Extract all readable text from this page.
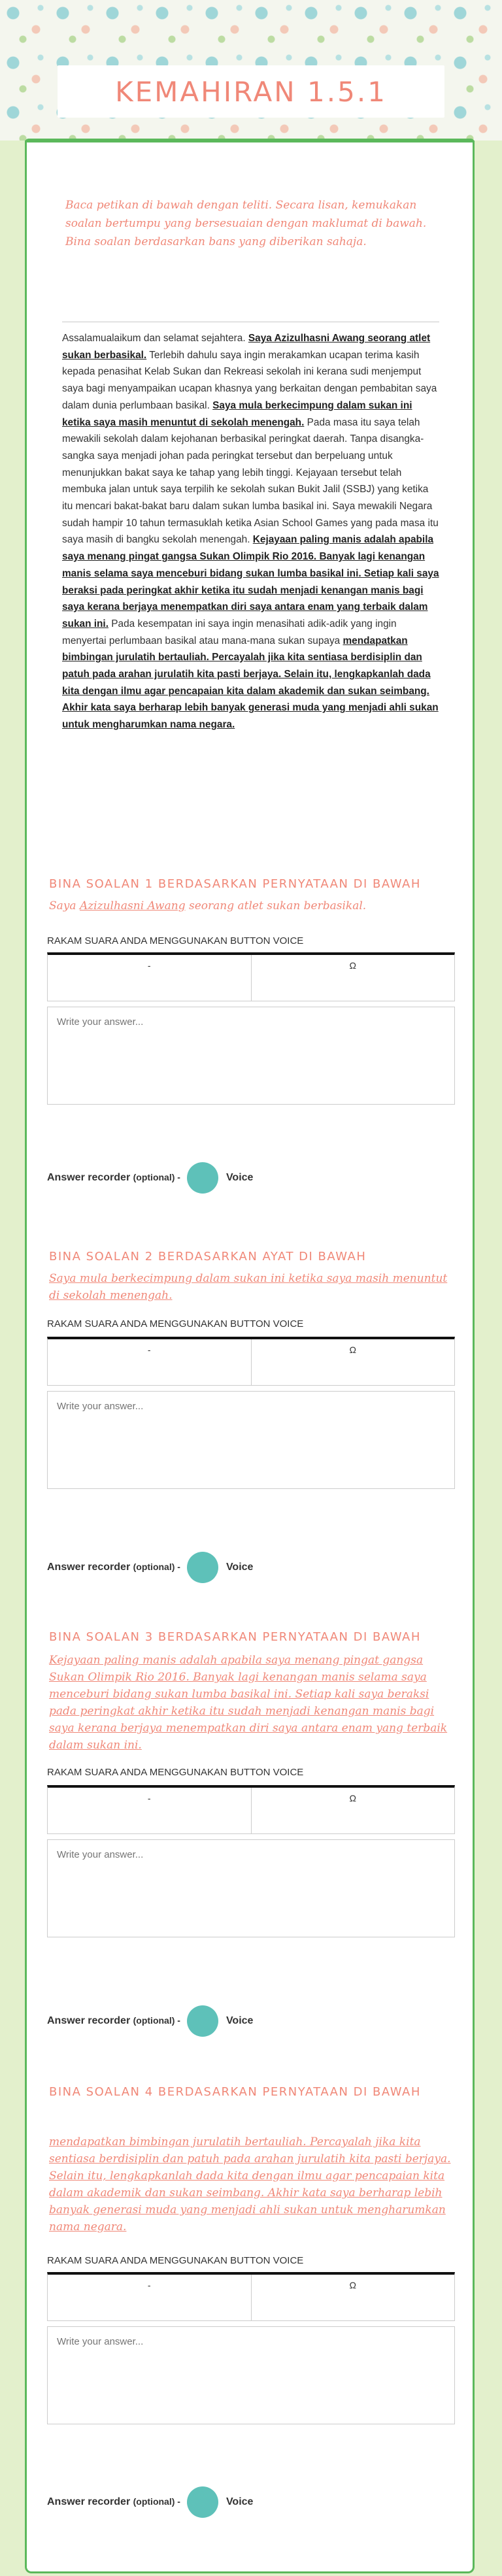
KEMAHIRAN 1.5.1
Baca petikan di bawah dengan teliti. Secara lisan, kemukakan soalan bertumpu yang bersesuaian dengan maklumat di bawah. Bina soalan berdasarkan bans yang diberikan sahaja.
Assalamualaikum dan selamat sejahtera. Saya Azizulhasni Awang seorang atlet sukan berbasikal. Terlebih dahulu saya ingin merakamkan ucapan terima kasih kepada penasihat Kelab Sukan dan Rekreasi sekolah ini kerana sudi menjemput saya bagi menyampaikan ucapan khasnya yang berkaitan dengan pembabitan saya dalam dunia perlumbaan basikal. Saya mula berkecimpung dalam sukan ini ketika saya masih menuntut di sekolah menengah. Pada masa itu saya telah mewakili sekolah dalam kejohanan berbasikal peringkat daerah. Tanpa disangka-sangka saya menjadi johan pada peringkat tersebut dan berpeluang untuk menunjukkan bakat saya ke tahap yang lebih tinggi. Kejayaan tersebut telah membuka jalan untuk saya terpilih ke sekolah sukan Bukit Jalil (SSBJ) yang ketika itu mencari bakat-bakat baru dalam sukan lumba basikal ini. Saya mewakili Negara sudah hampir 10 tahun termasuklah ketika Asian School Games yang pada masa itu saya masih di bangku sekolah menengah. Kejayaan paling manis adalah apabila saya menang pingat gangsa Sukan Olimpik Rio 2016. Banyak lagi kenangan manis selama saya menceburi bidang sukan lumba basikal ini. Setiap kali saya beraksi pada peringkat akhir ketika itu sudah menjadi kenangan manis bagi saya kerana berjaya menempatkan diri saya antara enam yang terbaik dalam sukan ini. Pada kesempatan ini saya ingin menasihati adik-adik yang ingin menyertai perlumbaan basikal atau mana-mana sukan supaya mendapatkan bimbingan jurulatih bertauliah. Percayalah jika kita sentiasa berdisiplin dan patuh pada arahan jurulatih kita pasti berjaya. Selain itu, lengkapkanlah dada kita dengan ilmu agar pencapaian kita dalam akademik dan sukan seimbang. Akhir kata saya berharap lebih banyak generasi muda yang menjadi ahli sukan untuk mengharumkan nama negara.
BINA SOALAN 1 BERDASARKAN PERNYATAAN DI BAWAH
Saya Azizulhasni Awang seorang atlet sukan berbasikal.
RAKAM SUARA ANDA MENGGUNAKAN BUTTON VOICE
-	Ω
Write your answer...
Answer recorder (optional) -	Voice
BINA SOALAN 2 BERDASARKAN AYAT DI BAWAH
Saya mula berkecimpung dalam sukan ini ketika saya masih menuntut di sekolah menengah.
RAKAM SUARA ANDA MENGGUNAKAN BUTTON VOICE
-	Ω
Write your answer...
Answer recorder (optional) -	Voice
BINA SOALAN 3 BERDASARKAN PERNYATAAN DI BAWAH
Kejayaan paling manis adalah apabila saya menang pingat gangsa Sukan Olimpik Rio 2016. Banyak lagi kenangan manis selama saya menceburi bidang sukan lumba basikal ini. Setiap kali saya beraksi pada peringkat akhir ketika itu sudah menjadi kenangan manis bagi saya kerana berjaya menempatkan diri saya antara enam yang terbaik dalam sukan ini.
RAKAM SUARA ANDA MENGGUNAKAN BUTTON VOICE
-	Ω
Write your answer...
Answer recorder (optional) -	Voice
BINA SOALAN 4 BERDASARKAN PERNYATAAN DI BAWAH
mendapatkan bimbingan jurulatih bertauliah. Percayalah jika kita sentiasa berdisiplin dan patuh pada arahan jurulatih kita pasti berjaya. Selain itu, lengkapkanlah dada kita dengan ilmu agar pencapaian kita dalam akademik dan sukan seimbang. Akhir kata saya berharap lebih banyak generasi muda yang menjadi ahli sukan untuk mengharumkan nama negara.
RAKAM SUARA ANDA MENGGUNAKAN BUTTON VOICE
-	Ω
Write your answer...
Answer recorder (optional) -	Voice
